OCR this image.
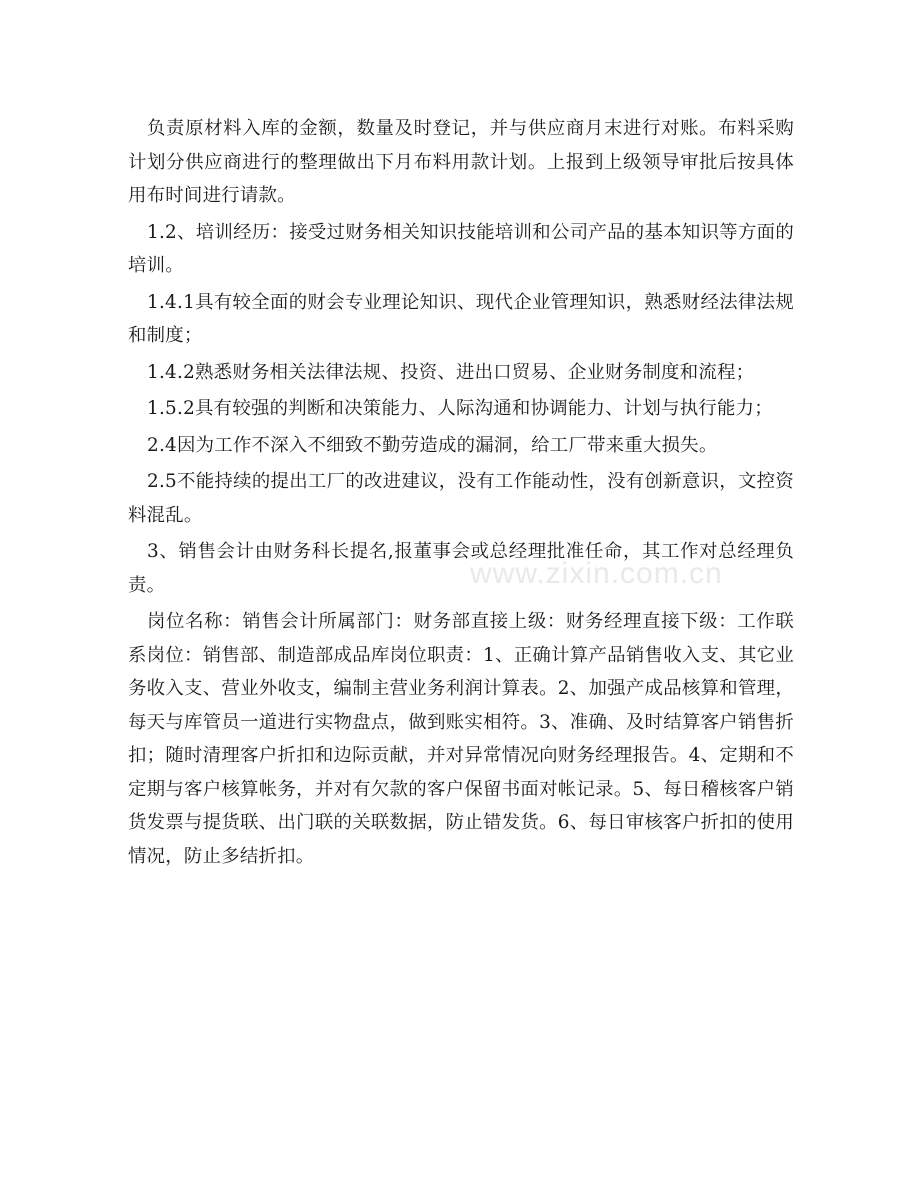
www.zixin.com.cn

负责原材料入库的金额，数量及时登记，并与供应商月末进行对账。布料采购计划分供应商进行的整理做出下月布料用款计划。上报到上级领导审批后按具体用布时间进行请款。

1.2、培训经历：接受过财务相关知识技能培训和公司产品的基本知识等方面的培训。

1.4.1具有较全面的财会专业理论知识、现代企业管理知识，熟悉财经法律法规和制度；

1.4.2熟悉财务相关法律法规、投资、进出口贸易、企业财务制度和流程；

1.5.2具有较强的判断和决策能力、人际沟通和协调能力、计划与执行能力；

2.4因为工作不深入不细致不勤劳造成的漏洞，给工厂带来重大损失。

2.5不能持续的提出工厂的改进建议，没有工作能动性，没有创新意识，文控资料混乱。

3、销售会计由财务科长提名,报董事会或总经理批准任命，其工作对总经理负责。

岗位名称：销售会计所属部门：财务部直接上级：财务经理直接下级：工作联系岗位：销售部、制造部成品库岗位职责：1、正确计算产品销售收入支、其它业务收入支、营业外收支，编制主营业务利润计算表。2、加强产成品核算和管理，每天与库管员一道进行实物盘点，做到账实相符。3、准确、及时结算客户销售折扣；随时清理客户折扣和边际贡献，并对异常情况向财务经理报告。4、定期和不定期与客户核算帐务，并对有欠款的客户保留书面对帐记录。5、每日稽核客户销货发票与提货联、出门联的关联数据，防止错发货。6、每日审核客户折扣的使用情况，防止多结折扣。
